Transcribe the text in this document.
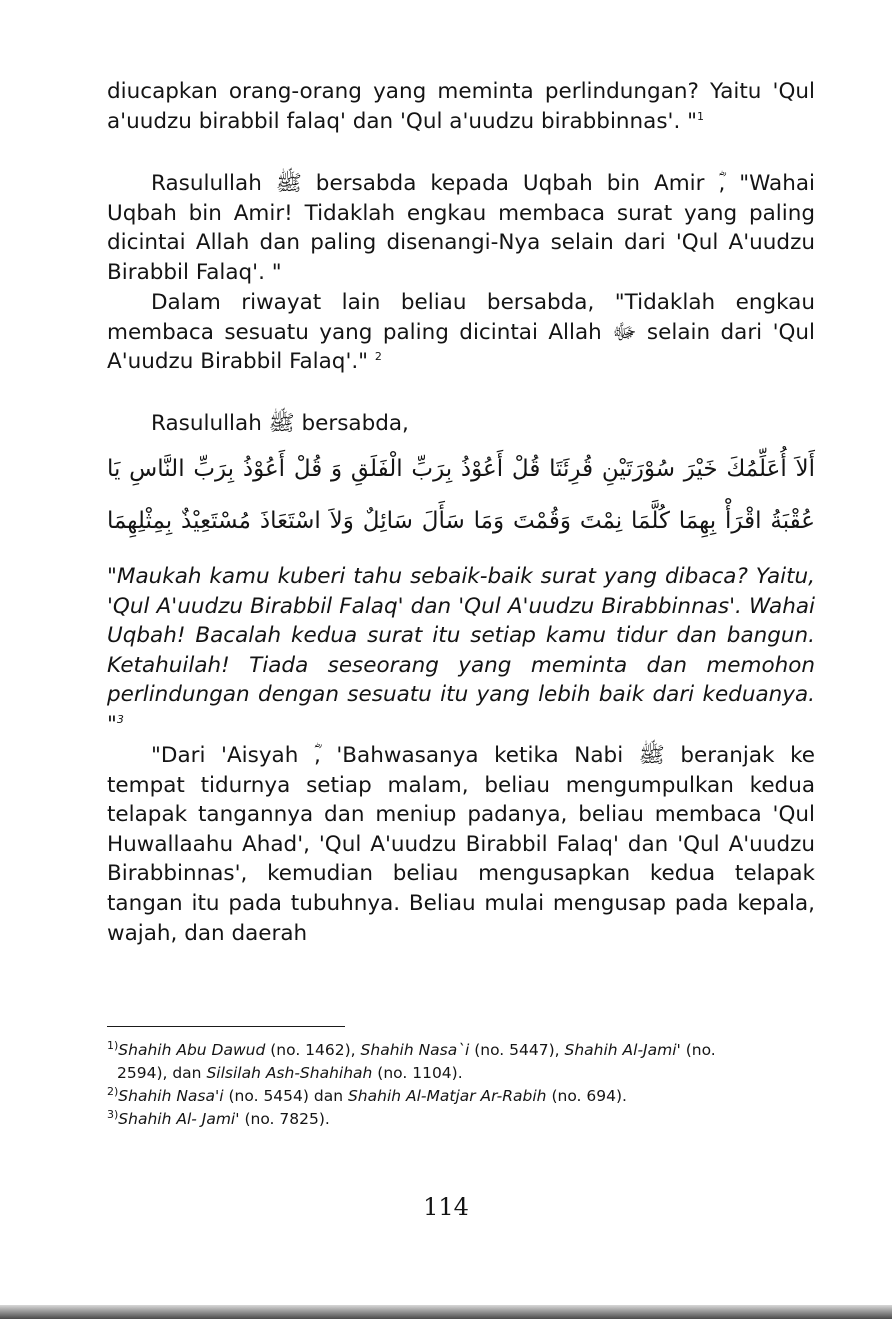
diucapkan orang-orang yang meminta perlindungan? Yaitu 'Qul a'uudzu birabbil falaq' dan 'Qul a'uudzu birabbinnas'. "$^1$

Rasulullah ﷺ bersabda kepada Uqbah bin Amir ؓ, "Wahai Uqbah bin Amir! Tidaklah engkau membaca surat yang paling dicintai Allah dan paling disenangi-Nya selain dari 'Qul A'uudzu Birabbil Falaq'. "

Dalam riwayat lain beliau bersabda, "Tidaklah engkau membaca sesuatu yang paling dicintai Allah ﷻ selain dari 'Qul A'uudzu Birabbil Falaq'." $^2$

Rasulullah ﷺ bersabda,

أَلاَ أُعَلِّمُكَ خَيْرَ سُوْرَتَيْنِ قُرِئَتَا قُلْ أَعُوْذُ بِرَبِّ الْفَلَقِ وَ قُلْ أَعُوْذُ بِرَبِّ النَّاسِ يَا عُقْبَةُ اقْرَأْ بِهِمَا كُلَّمَا نِمْتَ وَقُمْتَ وَمَا سَأَلَ سَائِلٌ وَلاَ اسْتَعَاذَ مُسْتَعِيْذٌ بِمِثْلِهِمَا

"Maukah kamu kuberi tahu sebaik-baik surat yang dibaca? Yaitu, 'Qul A'uudzu Birabbil Falaq' dan 'Qul A'uudzu Birabbinnas'. Wahai Uqbah! Bacalah kedua surat itu setiap kamu tidur dan bangun. Ketahuilah! Tiada seseorang yang meminta dan memohon perlindungan dengan sesuatu itu yang lebih baik dari keduanya. "$^3$

"Dari 'Aisyah ؓ, 'Bahwasanya ketika Nabi ﷺ beranjak ke tempat tidurnya setiap malam, beliau mengumpulkan kedua telapak tangannya dan meniup padanya, beliau membaca 'Qul Huwallaahu Ahad', 'Qul A'uudzu Birabbil Falaq' dan 'Qul A'uudzu Birabbinnas', kemudian beliau mengusapkan kedua telapak tangan itu pada tubuhnya. Beliau mulai mengusap pada kepala, wajah, dan daerah

$^{1)}$Shahih Abu Dawud (no. 1462), Shahih Nasa`i (no. 5447), Shahih Al-Jami' (no.
2594), dan Silsilah Ash-Shahihah (no. 1104).

$^{2)}$Shahih Nasa'i (no. 5454) dan Shahih Al-Matjar Ar-Rabih (no. 694).

$^{3)}$Shahih Al- Jami' (no. 7825).

114
